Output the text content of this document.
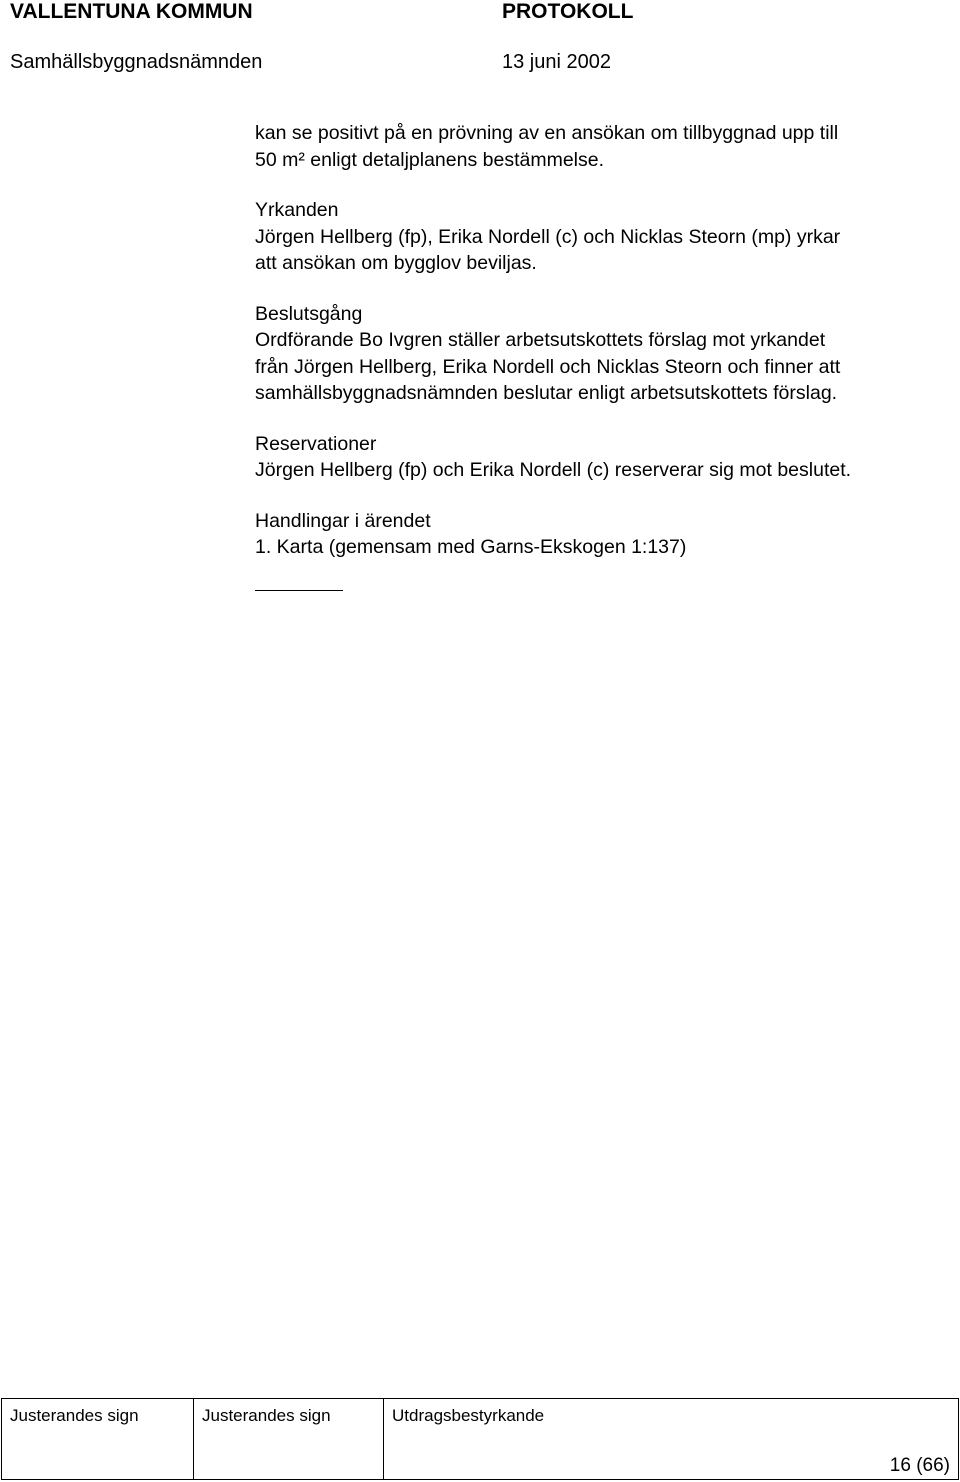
VALLENTUNA KOMMUN	PROTOKOLL
Samhällsbyggnadsnämnden	13 juni 2002

kan se positivt på en prövning av en ansökan om tillbyggnad upp till
50 m² enligt detaljplanens bestämmelse.

Yrkanden

Jörgen Hellberg (fp), Erika Nordell (c) och Nicklas Steorn (mp) yrkar
att ansökan om bygglov beviljas.

Beslutsgång

Ordförande Bo Ivgren ställer arbetsutskottets förslag mot yrkandet
från Jörgen Hellberg, Erika Nordell och Nicklas Steorn och finner att
samhällsbyggnadsnämnden beslutar enligt arbetsutskottets förslag.

Reservationer

Jörgen Hellberg (fp) och Erika Nordell (c) reserverar sig mot beslutet.

Handlingar i ärendet

1. Karta (gemensam med Garns-Ekskogen 1:137)

Justerandes sign	Justerandes sign	Utdragsbestyrkande
16 (66)
